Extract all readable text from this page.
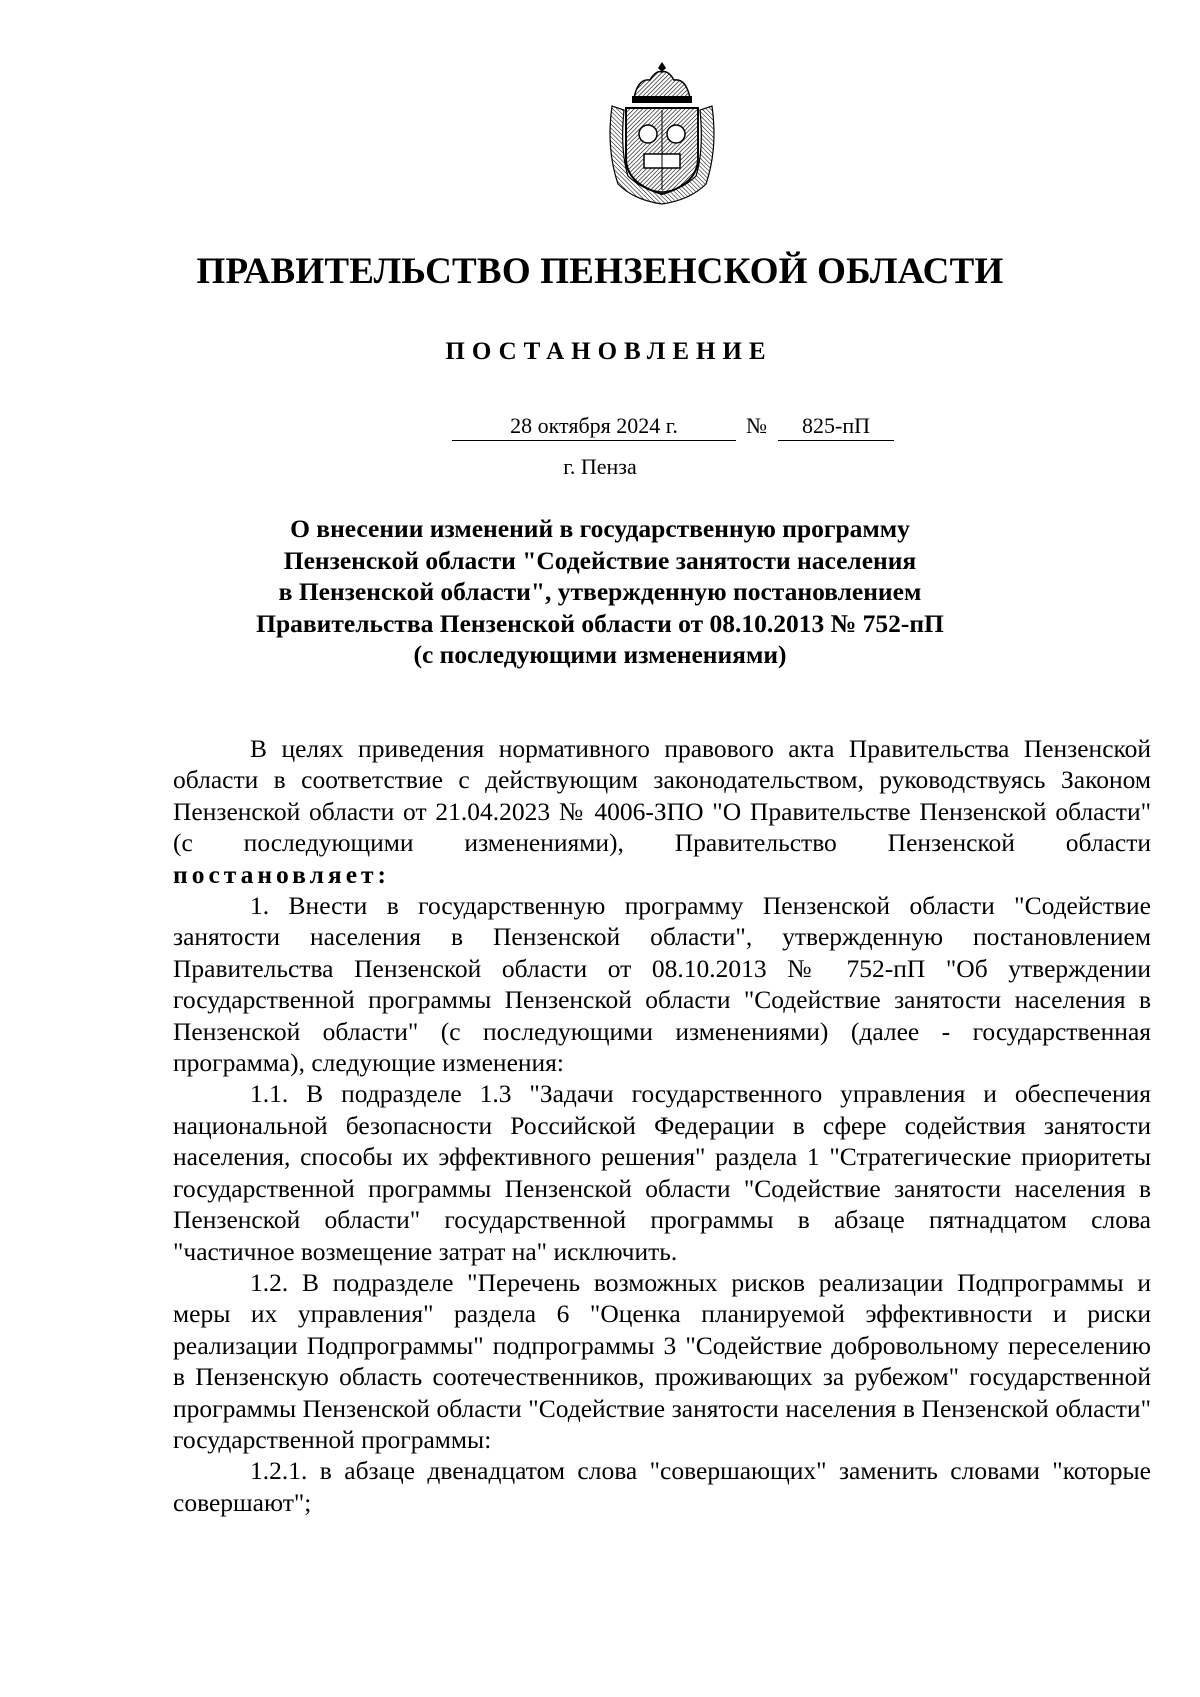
ПРАВИТЕЛЬСТВО ПЕНЗЕНСКОЙ ОБЛАСТИ
ПОСТАНОВЛЕНИЕ
28 октября 2024 г.	№	825-пП
г. Пенза
О внесении изменений в государственную программу
Пензенской области "Содействие занятости населения
в Пензенской области", утвержденную постановлением
Правительства Пензенской области от 08.10.2013 № 752-пП
(с последующими изменениями)

В целях приведения нормативного правового акта Правительства Пензенской области в соответствие с действующим законодательством, руководствуясь Законом Пензенской области от 21.04.2023 № 4006-ЗПО "О Правительстве Пензенской области" (с последующими изменениями), Правительство Пензенской области постановляет:

1. Внести в государственную программу Пензенской области "Содействие занятости населения в Пензенской области", утвержденную постановлением Правительства Пензенской области от 08.10.2013 № 752-пП "Об утверждении государственной программы Пензенской области "Содействие занятости населения в Пензенской области" (с последующими изменениями) (далее - государственная программа), следующие изменения:

1.1. В подразделе 1.3 "Задачи государственного управления и обеспечения национальной безопасности Российской Федерации в сфере содействия занятости населения, способы их эффективного решения" раздела 1 "Стратегические приоритеты государственной программы Пензенской области "Содействие занятости населения в Пензенской области" государственной программы в абзаце пятнадцатом слова "частичное возмещение затрат на" исключить.

1.2. В подразделе "Перечень возможных рисков реализации Подпрограммы и меры их управления" раздела 6 "Оценка планируемой эффективности и риски реализации Подпрограммы" подпрограммы 3 "Содействие добровольному переселению в Пензенскую область соотечественников, проживающих за рубежом" государственной программы Пензенской области "Содействие занятости населения в Пензенской области" государственной программы:

1.2.1. в абзаце двенадцатом слова "совершающих" заменить словами "которые совершают";
